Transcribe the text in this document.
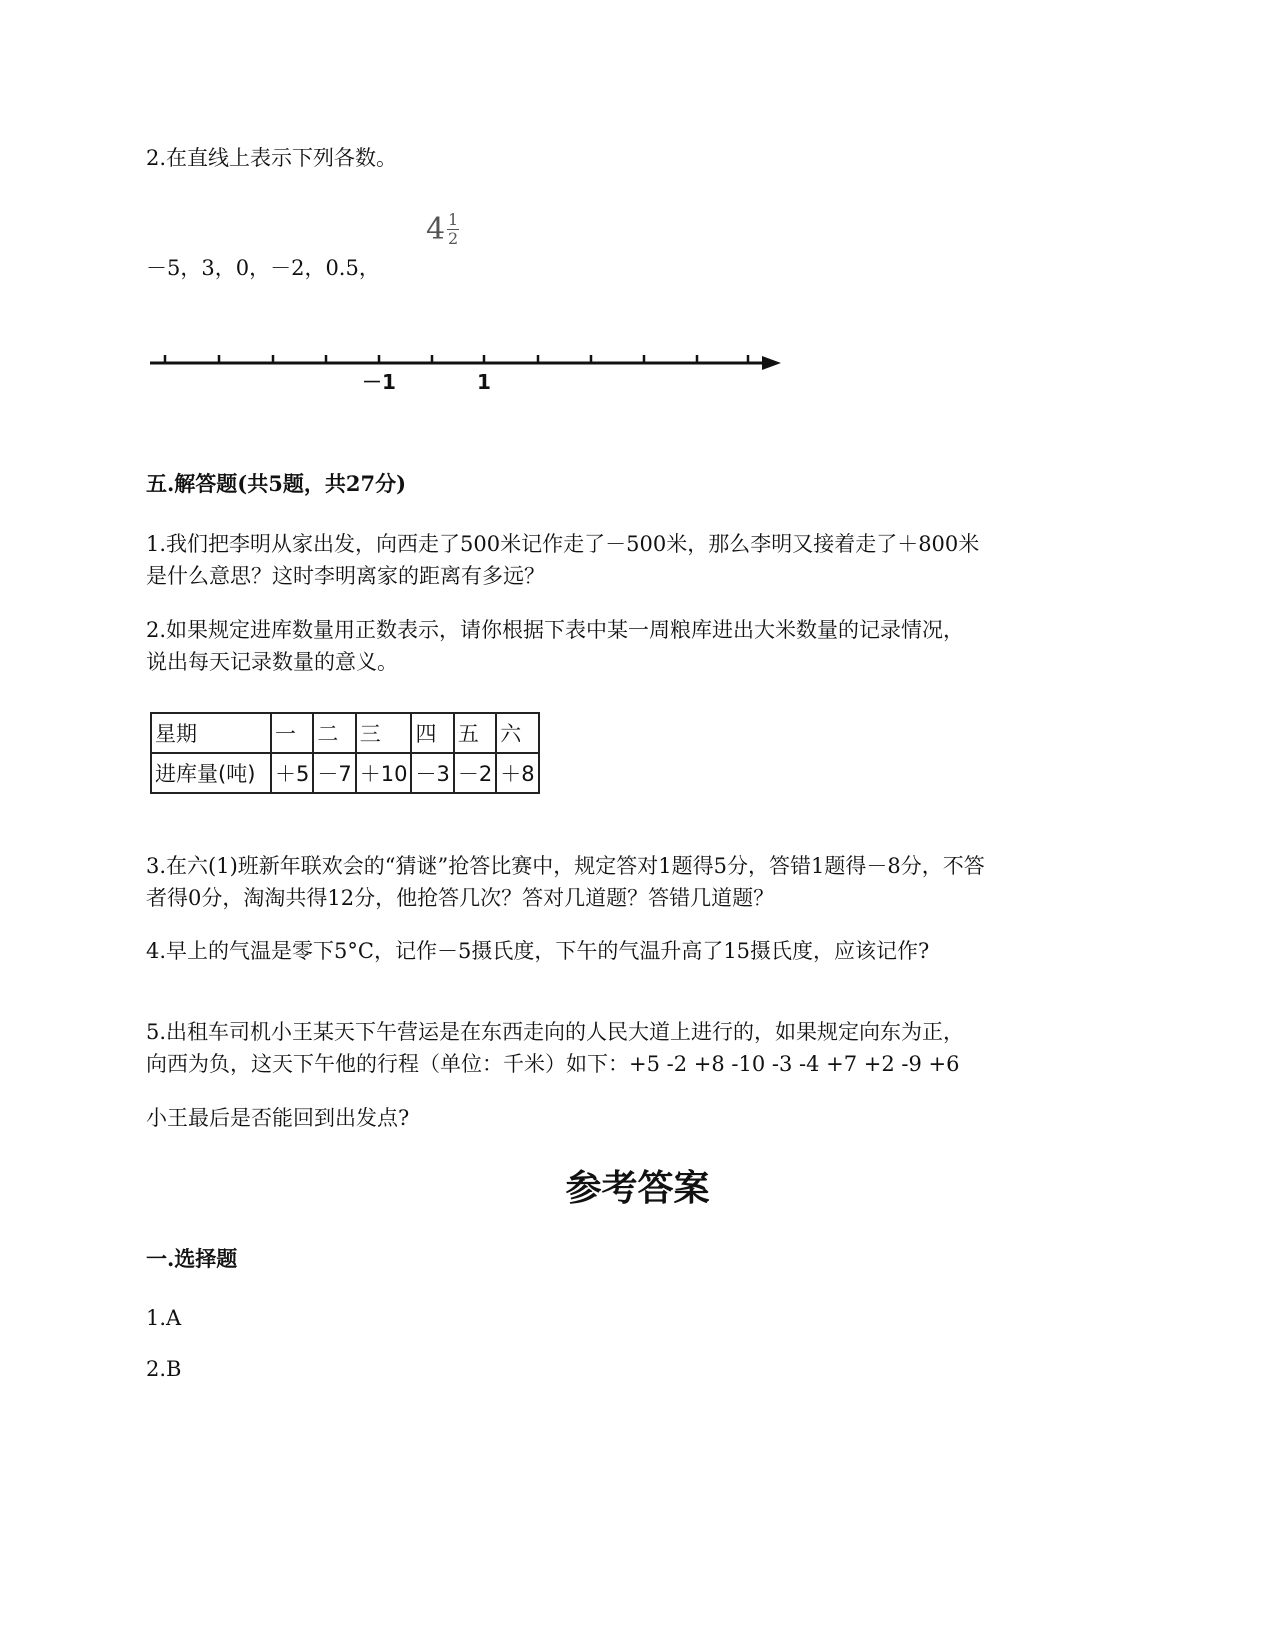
2.在直线上表示下列各数。
－5，3，0，－2，0.5，
$4 \frac{1}{2}$
－1	1
五.解答题(共5题，共27分)
1.我们把李明从家出发，向西走了500米记作走了－500米，那么李明又接着走了＋800米
是什么意思？这时李明离家的距离有多远？
2.如果规定进库数量用正数表示，请你根据下表中某一周粮库进出大米数量的记录情况，
说出每天记录数量的意义。
星期	一	二	三	四	五	六
进库量(吨)	＋5	－7	＋10	－3	－2	＋8
3.在六(1)班新年联欢会的“猜谜”抢答比赛中，规定答对1题得5分，答错1题得－8分，不答
者得0分，淘淘共得12分，他抢答几次？答对几道题？答错几道题？
4.早上的气温是零下5°C，记作－5摄氏度，下午的气温升高了15摄氏度，应该记作?
5.出租车司机小王某天下午营运是在东西走向的人民大道上进行的，如果规定向东为正，
向西为负，这天下午他的行程（单位：千米）如下：+5 -2 +8 -10 -3 -4 +7 +2 -9 +6
小王最后是否能回到出发点?
参考答案
一.选择题
1.A
2.B
